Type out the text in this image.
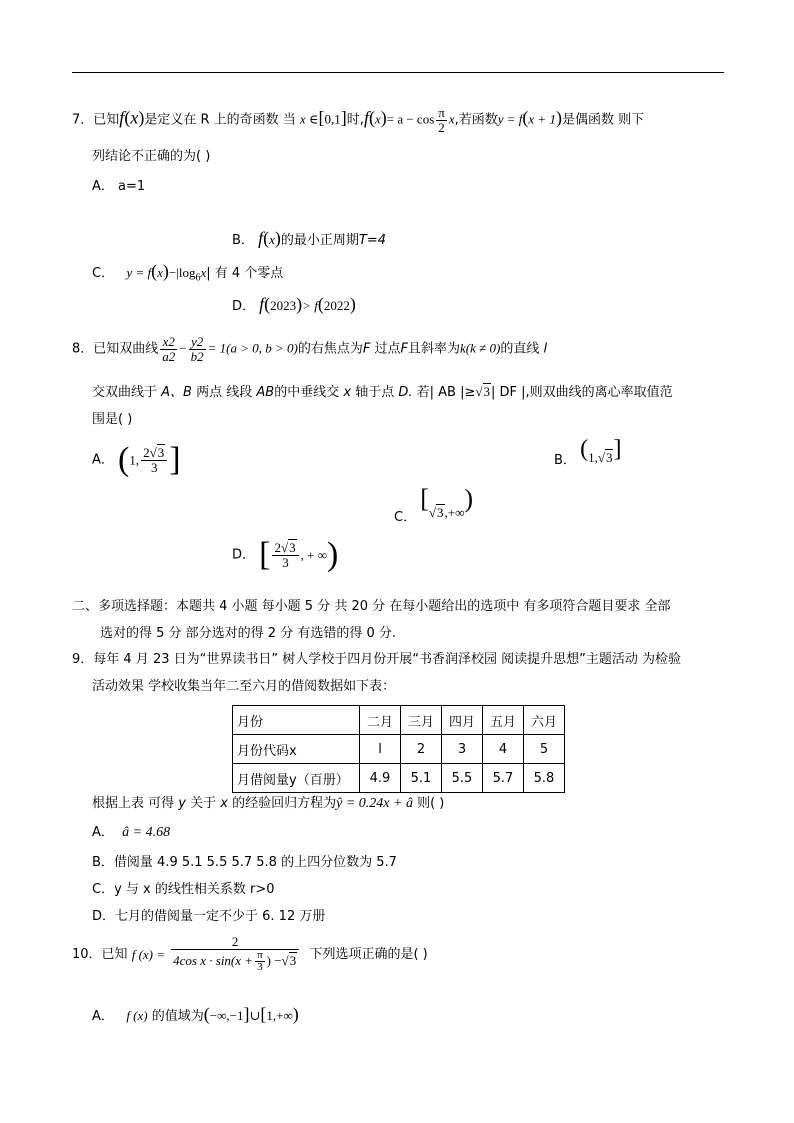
7．已知f(x)是定义在 R 上的奇函数 当 x ∈[0,1]时$,f(x)= a - \cos \frac{\pi}{2} x$,若函数y = f(x + 1)是偶函数 则下
列结论不正确的为( )
A． a=1
B． f(x)的最小正周期T=4
C． $y = f(x)-|\log_6x|$ 有 4 个零点
D． f(2023)> f(2022)
8．已知双曲线 $\frac{x2}{a2} - \frac{y2}{b2} = 1(a > 0$, b > 0)的右焦点为F 过点F且斜率为k(k ≠ 0)的直线 l
交双曲线于 A、B 两点 线段 AB的中垂线交 x 轴于点 D. 若| AB |≥√3| DF |,则双曲线的离心率取值范
围是( )
A． (1, $\frac{2√3}{3}$ ]	B． (1,√3]
C． [√3,+∞)
D． [ $\frac{2√3}{3}$ , + ∞)
二、多项选择题：本题共 4 小题 每小题 5 分 共 20 分 在每小题给出的选项中 有多项符合题目要求 全部
选对的得 5 分 部分选对的得 2 分 有选错的得 0 分.
9．每年 4 月 23 日为“世界读书日” 树人学校于四月份开展“书香润泽校园 阅读提升思想”主题活动 为检验
活动效果 学校收集当年二至六月的借阅数据如下表：
月份	二月	三月	四月	五月	六月
月份代码x	l	2	3	4	5
月借阅量y（百册）	4.9	5.1	5.5	5.7	5.8
根据上表 可得 y 关于 x 的经验回归方程为ŷ = 0.24x + â 则( )
A． â = 4.68
B．借阅量 4.9 5.1 5.5 5.7 5.8 的上四分位数为 5.7
C．y 与 x 的线性相关系数 r>0
D．七月的借阅量一定不少于 6. 12 万册
10．已知 f $(x) = \frac{2}{4\cos x \cdot \sin(x + \frac{\pi}{3} ) -√3}$ 下列选项正确的是( )
A． f (x) 的值域为(−∞,−1]∪[1,+∞)
